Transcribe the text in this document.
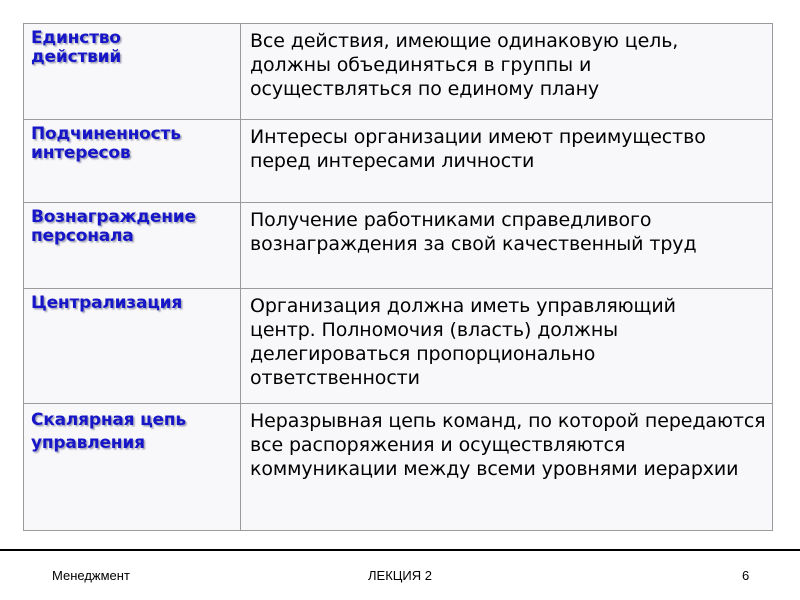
Единство действий	Все действия, имеющие одинаковую цель, должны объединяться в группы и осуществляться по единому плану

Подчиненность интересов	Интересы организации имеют преимущество перед интересами личности

Вознаграждение персонала	Получение работниками справедливого вознаграждения за свой качественный труд

Централизация	Организация должна иметь управляющий центр. Полномочия (власть) должны делегироваться пропорционально ответственности

Скалярная цепь управления	Неразрывная цепь команд, по которой передаются все распоряжения и осуществляются коммуникации между всеми уровнями иерархии
Менеджмент	ЛЕКЦИЯ 2	6
